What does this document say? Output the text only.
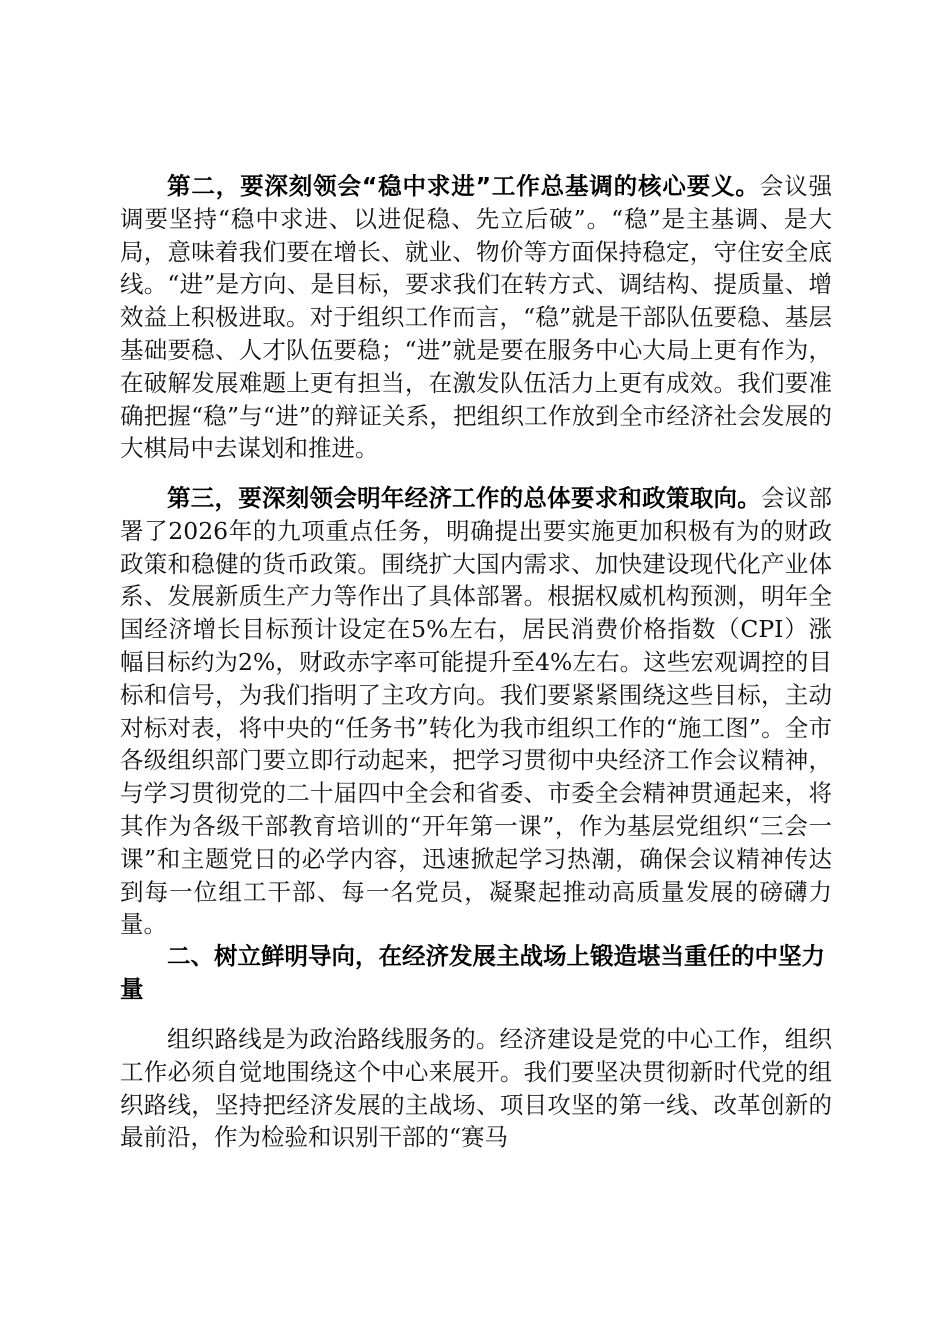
第二，要深刻领会“稳中求进”工作总基调的核心要义。会议强调要坚持“稳中求进、以进促稳、先立后破”。“稳”是主基调、是大局，意味着我们要在增长、就业、物价等方面保持稳定，守住安全底线。“进”是方向、是目标，要求我们在转方式、调结构、提质量、增效益上积极进取。对于组织工作而言，“稳”就是干部队伍要稳、基层基础要稳、人才队伍要稳；“进”就是要在服务中心大局上更有作为，在破解发展难题上更有担当，在激发队伍活力上更有成效。我们要准确把握“稳”与“进”的辩证关系，把组织工作放到全市经济社会发展的大棋局中去谋划和推进。

第三，要深刻领会明年经济工作的总体要求和政策取向。会议部署了2026年的九项重点任务，明确提出要实施更加积极有为的财政政策和稳健的货币政策。围绕扩大国内需求、加快建设现代化产业体系、发展新质生产力等作出了具体部署。根据权威机构预测，明年全国经济增长目标预计设定在5%左右，居民消费价格指数（CPI）涨幅目标约为2%，财政赤字率可能提升至4%左右。这些宏观调控的目标和信号，为我们指明了主攻方向。我们要紧紧围绕这些目标，主动对标对表，将中央的“任务书”转化为我市组织工作的“施工图”。全市各级组织部门要立即行动起来，把学习贯彻中央经济工作会议精神，与学习贯彻党的二十届四中全会和省委、市委全会精神贯通起来，将其作为各级干部教育培训的“开年第一课”，作为基层党组织“三会一课”和主题党日的必学内容，迅速掀起学习热潮，确保会议精神传达到每一位组工干部、每一名党员，凝聚起推动高质量发展的磅礴力量。

二、树立鲜明导向，在经济发展主战场上锻造堪当重任的中坚力量

组织路线是为政治路线服务的。经济建设是党的中心工作，组织工作必须自觉地围绕这个中心来展开。我们要坚决贯彻新时代党的组织路线，坚持把经济发展的主战场、项目攻坚的第一线、改革创新的最前沿，作为检验和识别干部的“赛马
